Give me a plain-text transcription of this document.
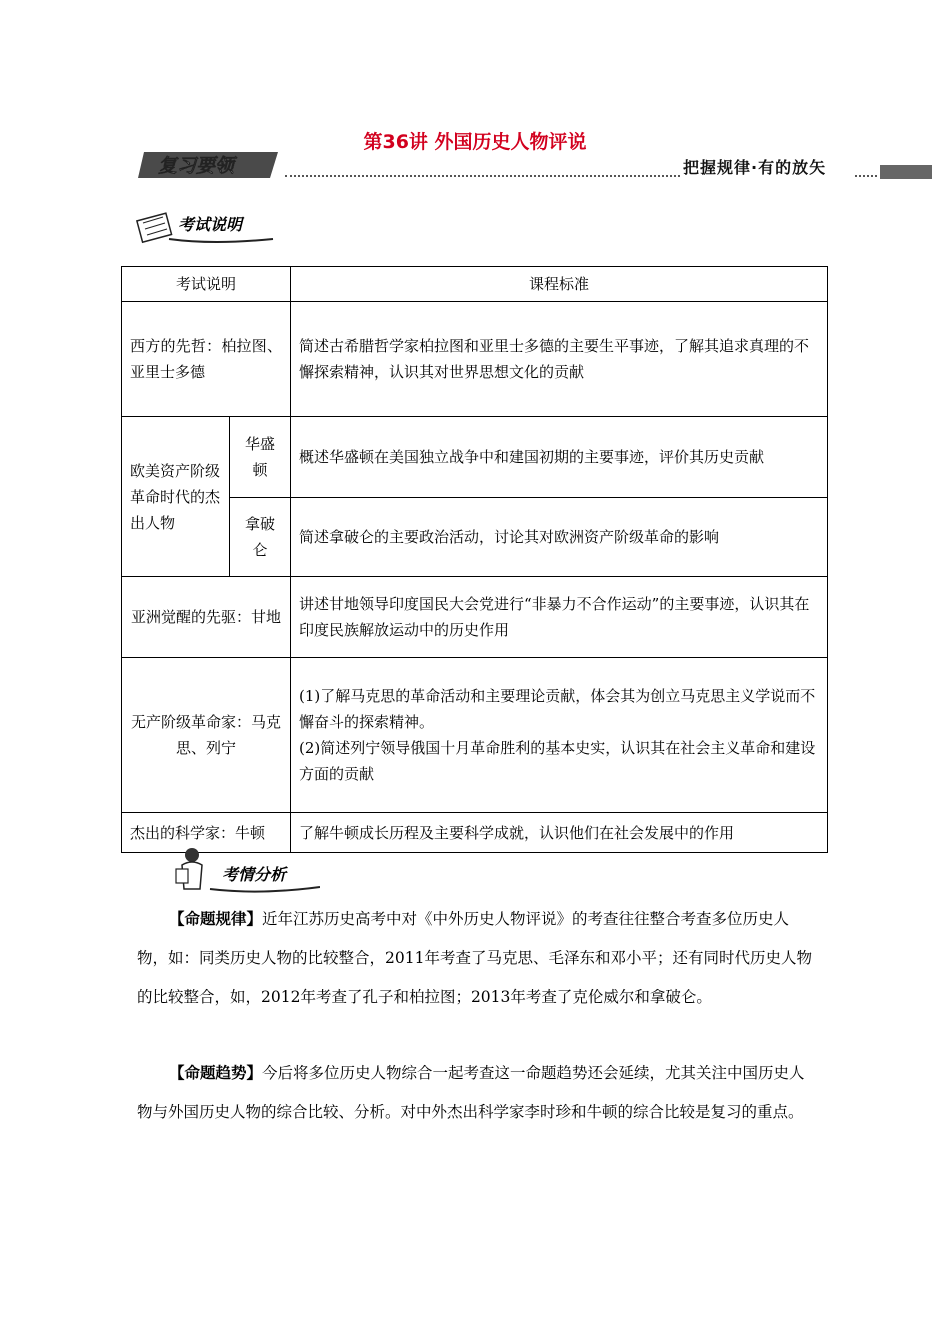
第36讲 外国历史人物评说
复习要领	把握规律·有的放矢
考试说明
考试说明		课程标准
西方的先哲：柏拉图、亚里士多德		简述古希腊哲学家柏拉图和亚里士多德的主要生平事迹，了解其追求真理的不懈探索精神，认识其对世界思想文化的贡献
欧美资产阶级革命时代的杰出人物	华盛顿	概述华盛顿在美国独立战争中和建国初期的主要事迹，评价其历史贡献
	拿破仑	简述拿破仑的主要政治活动，讨论其对欧洲资产阶级革命的影响
亚洲觉醒的先驱：甘地		讲述甘地领导印度国民大会党进行“非暴力不合作运动”的主要事迹，认识其在印度民族解放运动中的历史作用
无产阶级革命家：马克思、列宁		(1)了解马克思的革命活动和主要理论贡献，体会其为创立马克思主义学说而不懈奋斗的探索精神。
(2)简述列宁领导俄国十月革命胜利的基本史实，认识其在社会主义革命和建设方面的贡献

杰出的科学家：牛顿		了解牛顿成长历程及主要科学成就，认识他们在社会发展中的作用
考情分析
【命题规律】近年江苏历史高考中对《中外历史人物评说》的考查往往整合考查多位历史人物，如：同类历史人物的比较整合，2011年考查了马克思、毛泽东和邓小平；还有同时代历史人物的比较整合，如，2012年考查了孔子和柏拉图；2013年考查了克伦威尔和拿破仑。
【命题趋势】今后将多位历史人物综合一起考查这一命题趋势还会延续，尤其关注中国历史人物与外国历史人物的综合比较、分析。对中外杰出科学家李时珍和牛顿的综合比较是复习的重点。
